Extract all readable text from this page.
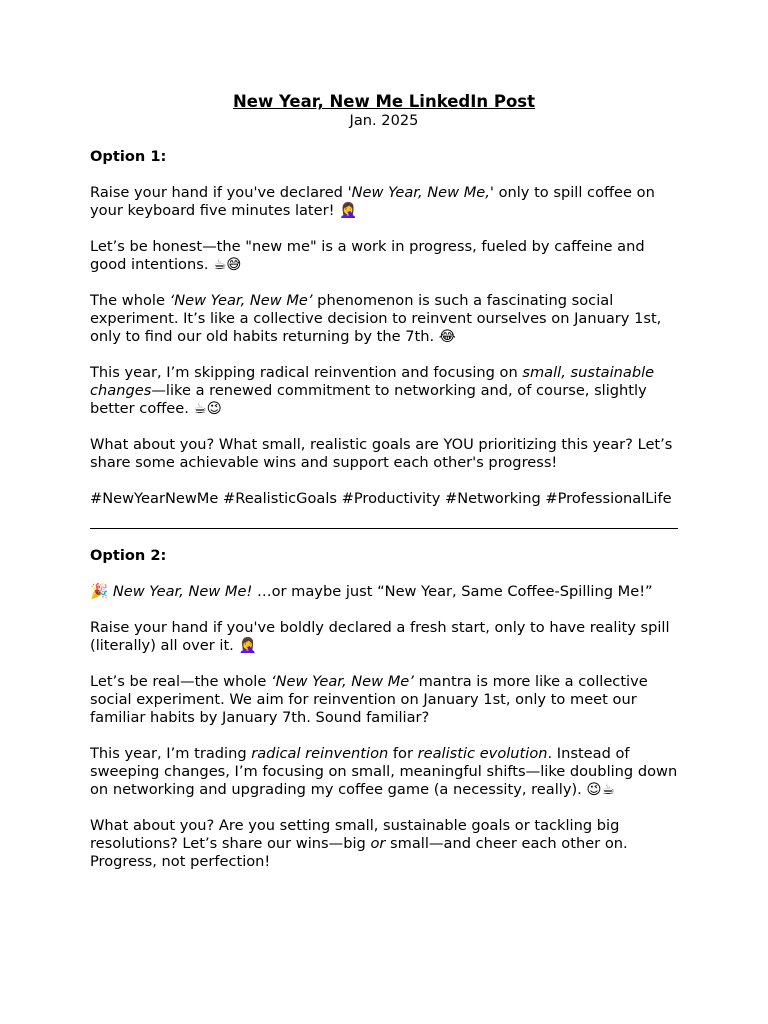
New Year, New Me LinkedIn Post

Jan. 2025

Option 1:

Raise your hand if you've declared 'New Year, New Me,' only to spill coffee on your keyboard five minutes later! 🤦‍♀️

Let’s be honest—the "new me" is a work in progress, fueled by caffeine and good intentions. ☕😅

The whole ‘New Year, New Me’ phenomenon is such a fascinating social experiment. It’s like a collective decision to reinvent ourselves on January 1st, only to find our old habits returning by the 7th. 😂

This year, I’m skipping radical reinvention and focusing on small, sustainable changes—like a renewed commitment to networking and, of course, slightly better coffee. ☕😉

What about you? What small, realistic goals are YOU prioritizing this year? Let’s share some achievable wins and support each other's progress!

#NewYearNewMe #RealisticGoals #Productivity #Networking #ProfessionalLife

Option 2:

🎉 New Year, New Me! …or maybe just “New Year, Same Coffee-Spilling Me!”

Raise your hand if you've boldly declared a fresh start, only to have reality spill (literally) all over it. 🤦‍♀️

Let’s be real—the whole ‘New Year, New Me’ mantra is more like a collective social experiment. We aim for reinvention on January 1st, only to meet our familiar habits by January 7th. Sound familiar?

This year, I’m trading radical reinvention for realistic evolution. Instead of sweeping changes, I’m focusing on small, meaningful shifts—like doubling down on networking and upgrading my coffee game (a necessity, really). 😉☕

What about you? Are you setting small, sustainable goals or tackling big resolutions? Let’s share our wins—big or small—and cheer each other on. Progress, not perfection!
